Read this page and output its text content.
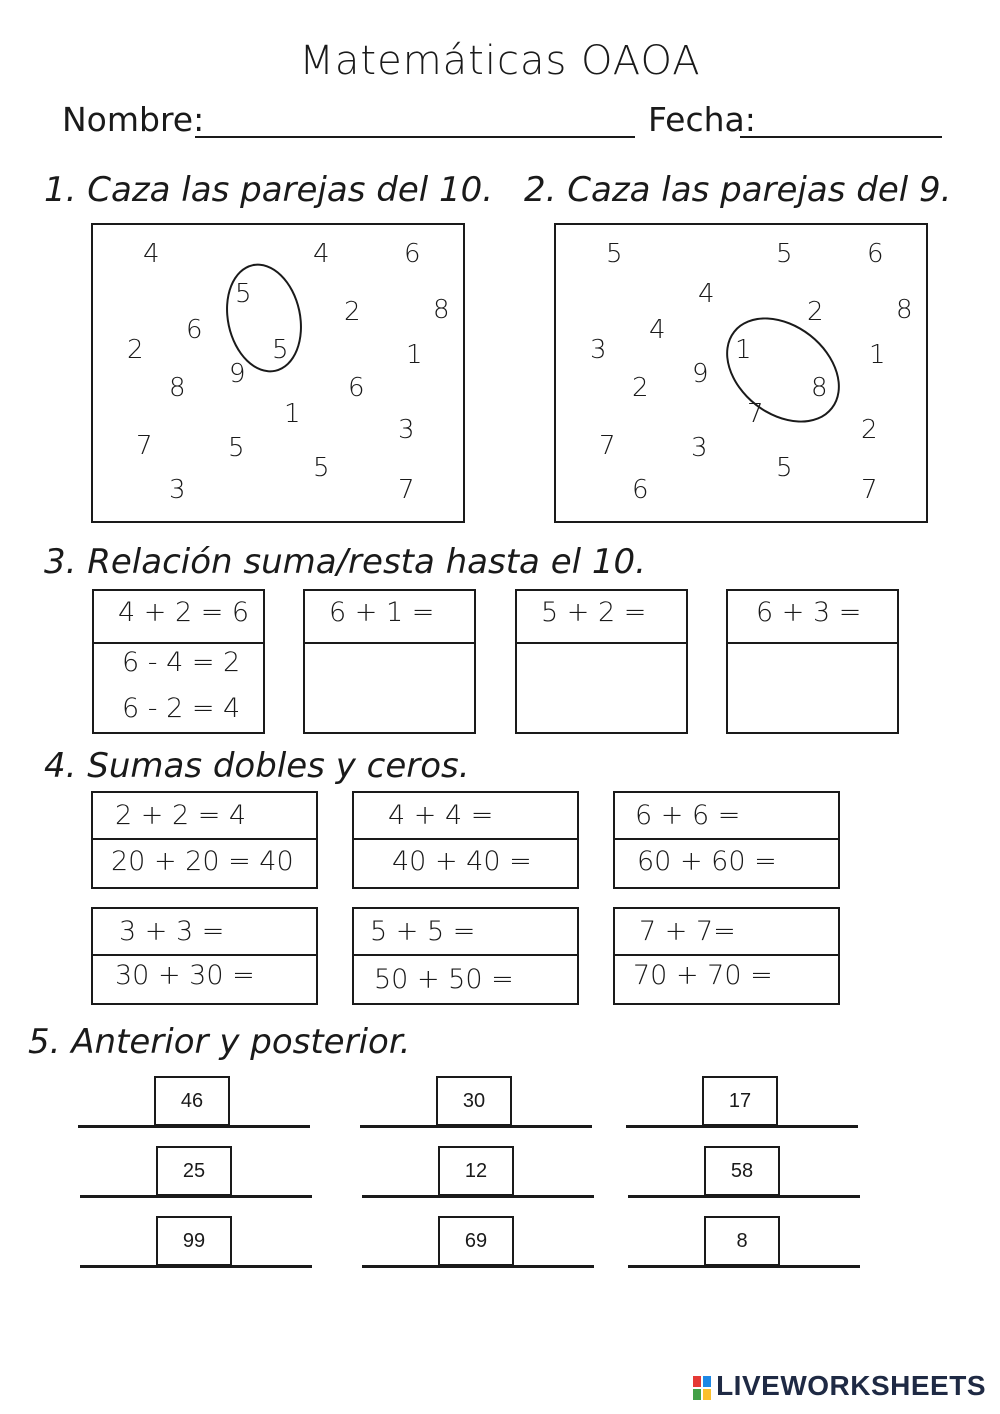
Matemáticas OAOA
Nombre:	Fecha:
1. Caza las parejas del 10.
4	4	6
5
2	8
6
5
2
9
1
8	6
1
3
7	5
5
3	7
2. Caza las parejas del 9.
5	5	6
4
2	8
4
3	1
9
1
2	8
7
2
7	3
5
6	7
3. Relación suma/resta hasta el 10.
4 + 2 = 6
6 - 4 = 2
6 - 2 = 4
6 + 1 =	5 + 2 =	6 + 3 =
4. Sumas dobles y ceros.
2 + 2 = 4
20 + 20 = 40
4 + 4 =
40 + 40 =
6 + 6 =
60 + 60 =
3 + 3 =
30 + 30 =
5 + 5 =
50 + 50 =
7 + 7=
70 + 70 =
5. Anterior y posterior.
46	30	17
25	12	58
99	69	8
LIVEWORKSHEETS
